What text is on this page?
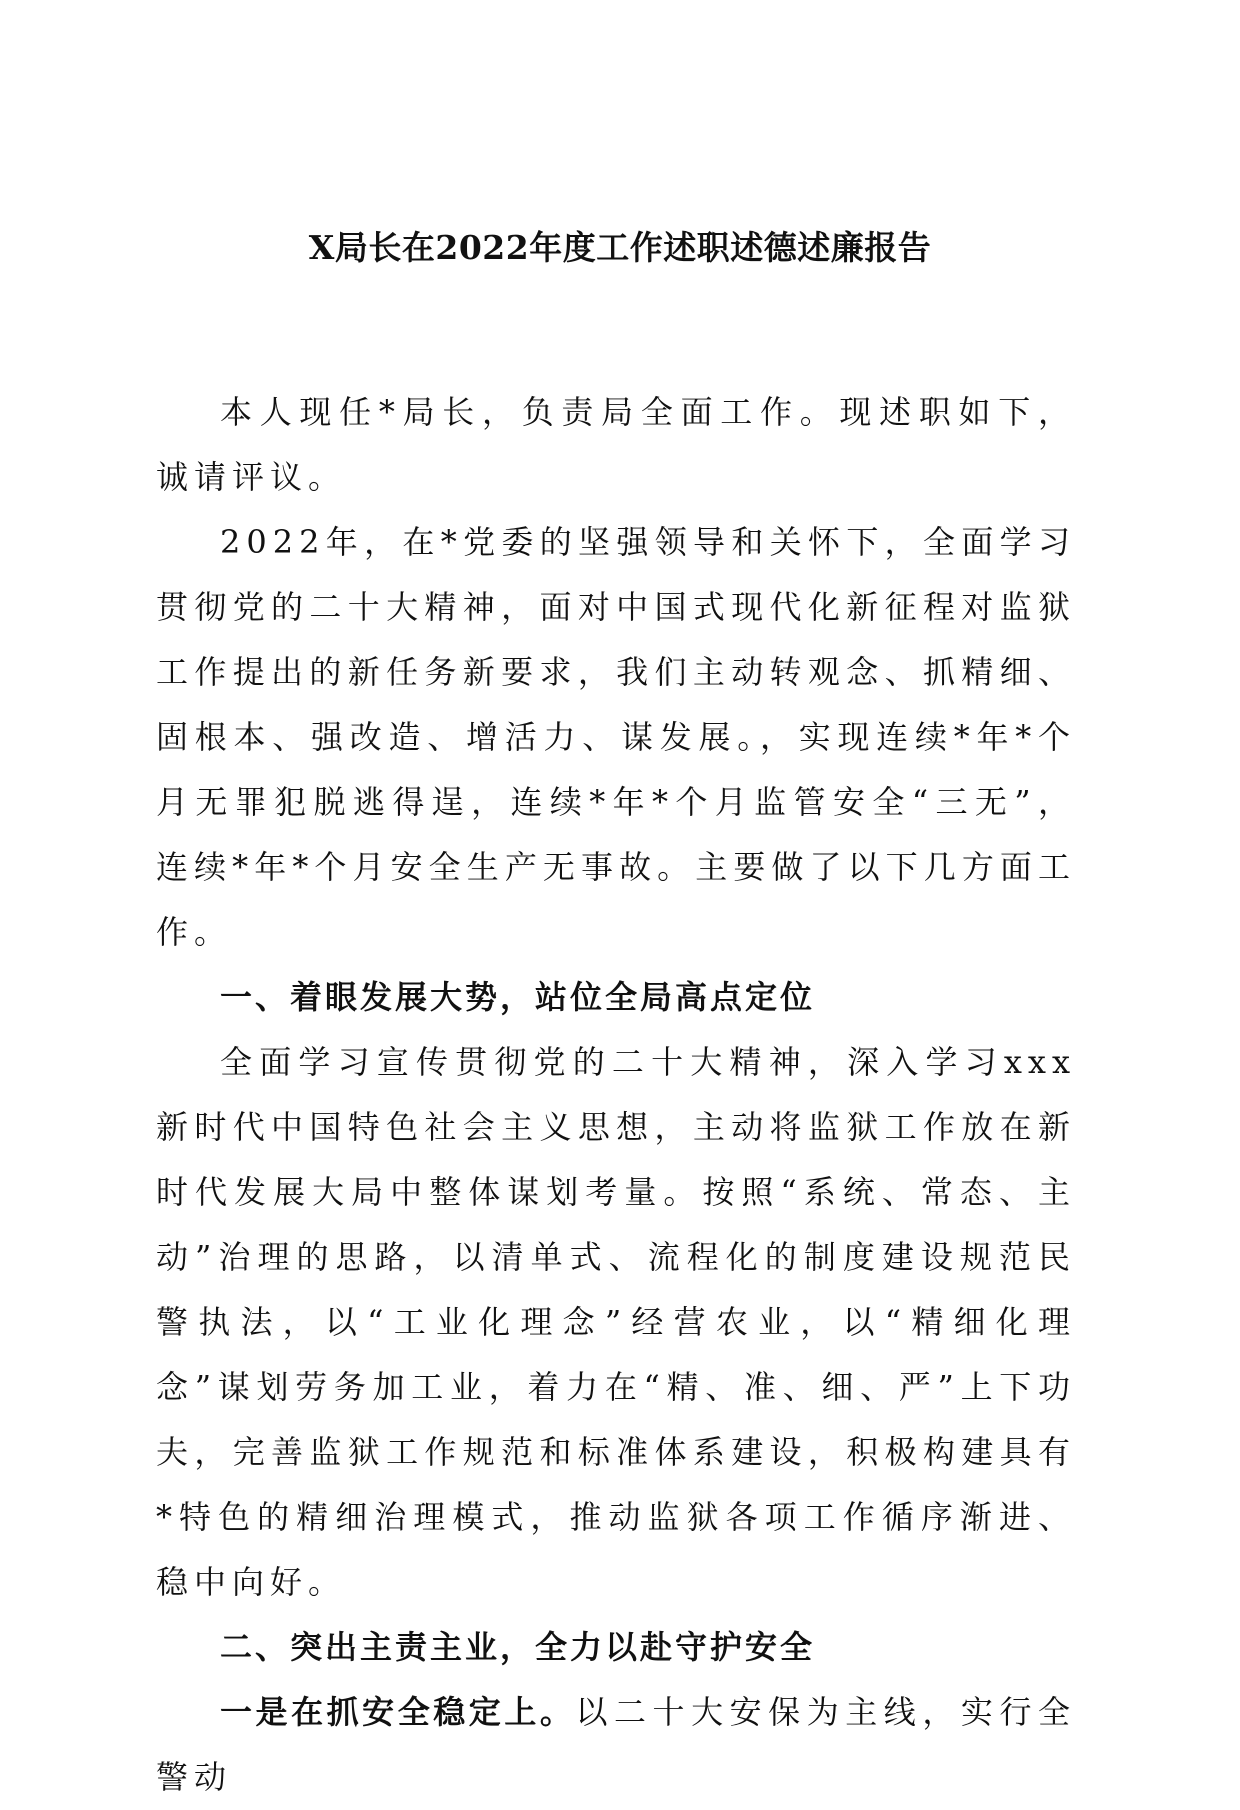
X局长在2022年度工作述职述德述廉报告

本人现任*局长，负责局全面工作。现述职如下，诚请评议。

2022年，在*党委的坚强领导和关怀下，全面学习贯彻党的二十大精神，面对中国式现代化新征程对监狱工作提出的新任务新要求，我们主动转观念、抓精细、固根本、强改造、增活力、谋发展。，实现连续*年*个月无罪犯脱逃得逞，连续*年*个月监管安全“三无”，连续*年*个月安全生产无事故。主要做了以下几方面工作。

一、着眼发展大势，站位全局高点定位

全面学习宣传贯彻党的二十大精神，深入学习xxx新时代中国特色社会主义思想，主动将监狱工作放在新时代发展大局中整体谋划考量。按照“系统、常态、主动”治理的思路，以清单式、流程化的制度建设规范民警执法，以“工业化理念”经营农业，以“精细化理念”谋划劳务加工业，着力在“精、准、细、严”上下功夫，完善监狱工作规范和标准体系建设，积极构建具有*特色的精细治理模式，推动监狱各项工作循序渐进、稳中向好。

二、突出主责主业，全力以赴守护安全

一是在抓安全稳定上。以二十大安保为主线，实行全警动
